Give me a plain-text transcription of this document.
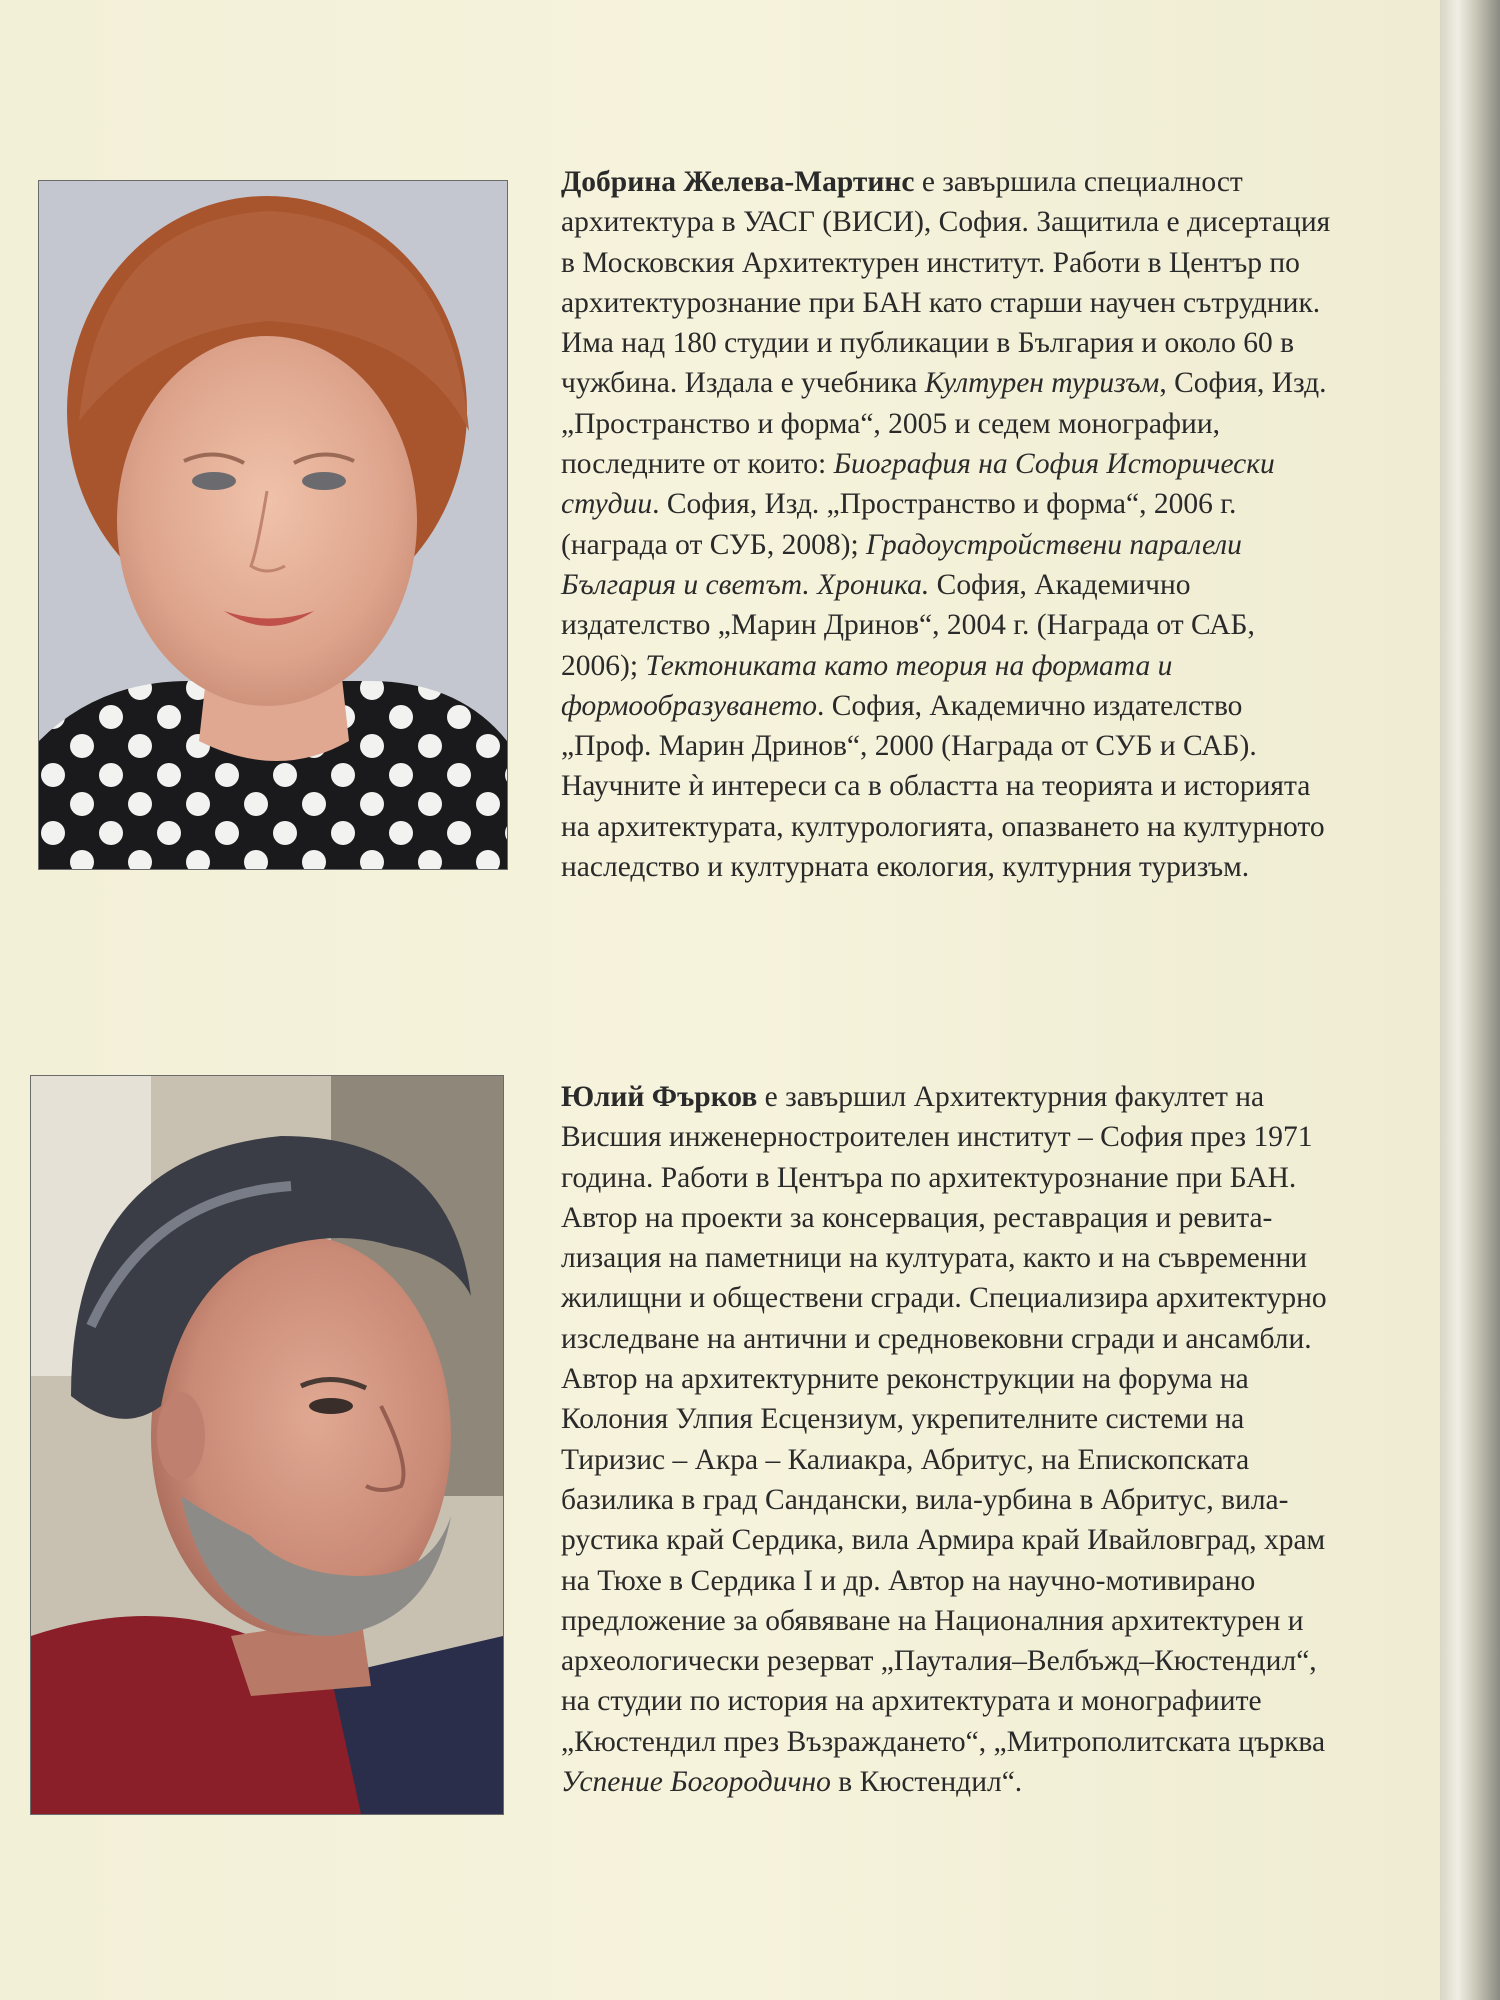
Добрина Желева-Мартинс е завършила специалност
архитектура в УАСГ (ВИСИ), София. Защитила е дисертация
в Московския Архитектурен институт. Работи в Център по
архитектурознание при БАН като старши научен сътрудник.
Има над 180 студии и публикации в България и около 60 в
чужбина. Издала е учебника Културен туризъм, София, Изд.
„Пространство и форма“, 2005 и седем монографии,
последните от които: Биография на София Исторически
студии. София, Изд. „Пространство и форма“, 2006 г.
(награда от СУБ, 2008); Градоустройствени паралели
България и светът. Хроника. София, Академично
издателство „Марин Дринов“, 2004 г. (Награда от САБ,
2006); Тектониката като теория на формата и
формообразуването. София, Академично издателство
„Проф. Марин Дринов“, 2000 (Награда от СУБ и САБ).
Научните ѝ интереси са в областта на теорията и историята
на архитектурата, културологията, опазването на културното
наследство и културната екология, културния туризъм.
Юлий Фърков е завършил Архитектурния факултет на
Висшия инженерностроителен институт – София през 1971
година. Работи в Центъра по архитектурознание при БАН.
Автор на проекти за консервация, реставрация и ревита-
лизация на паметници на културата, както и на съвременни
жилищни и обществени сгради. Специализира архитектурно
изследване на антични и средновековни сгради и ансамбли.
Автор на архитектурните реконструкции на форума на
Колония Улпия Есцензиум, укрепителните системи на
Тиризис – Акра – Калиакра, Абритус, на Епископската
базилика в град Сандански, вила-урбина в Абритус, вила-
рустика край Сердика, вила Армира край Ивайловград, храм
на Тюхе в Сердика I и др. Автор на научно-мотивирано
предложение за обявяване на Националния архитектурен и
археологически резерват „Пауталия–Велбъжд–Кюстендил“,
на студии по история на архитектурата и монографиите
„Кюстендил през Възраждането“, „Митрополитската църква
Успение Богородично в Кюстендил“.
